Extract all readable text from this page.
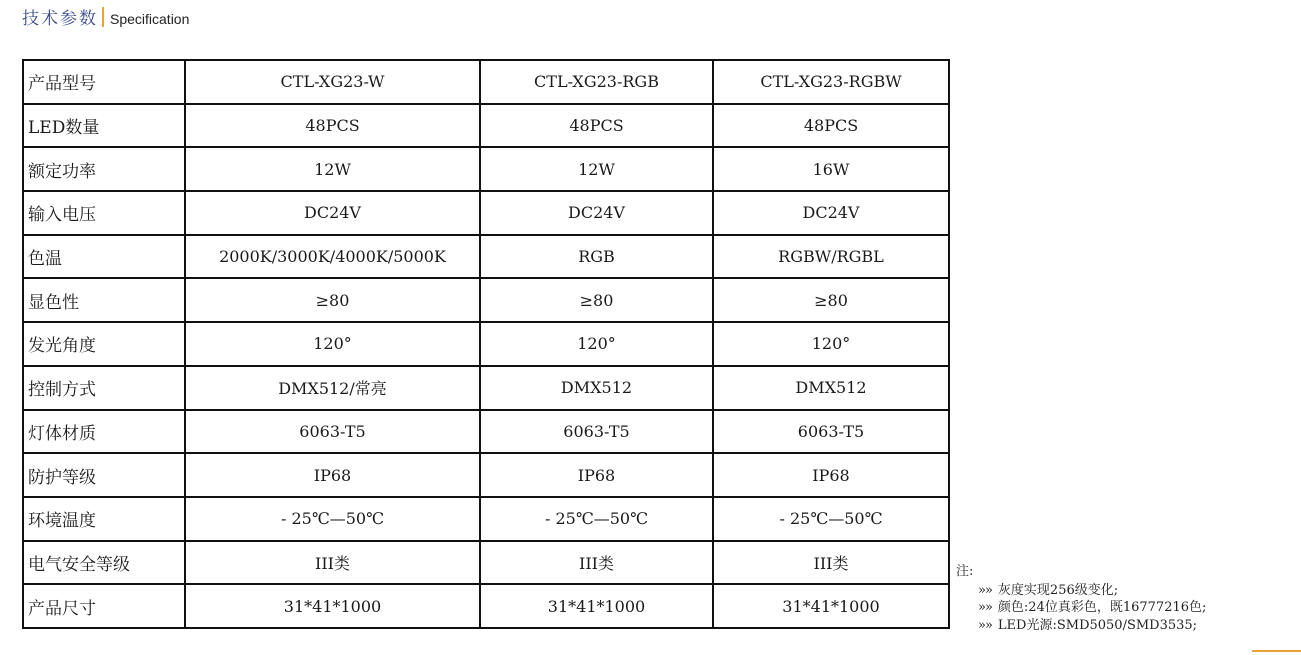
技术参数 Specification
产品型号	CTL-XG23-W	CTL-XG23-RGB	CTL-XG23-RGBW
LED数量	48PCS	48PCS	48PCS
额定功率	12W	12W	16W
输入电压	DC24V	DC24V	DC24V
色温	2000K/3000K/4000K/5000K	RGB	RGBW/RGBL
显色性	≥80	≥80	≥80
发光角度	120°	120°	120°
控制方式	DMX512/常亮	DMX512	DMX512
灯体材质	6063-T5	6063-T5	6063-T5
防护等级	IP68	IP68	IP68
环境温度	- 25℃—50℃	- 25℃—50℃	- 25℃—50℃
电气安全等级	III类	III类	III类
产品尺寸	31*41*1000	31*41*1000	31*41*1000
注:
»» 灰度实现256级变化;
»» 颜色:24位真彩色，既16777216色;
»» LED光源:SMD5050/SMD3535;
